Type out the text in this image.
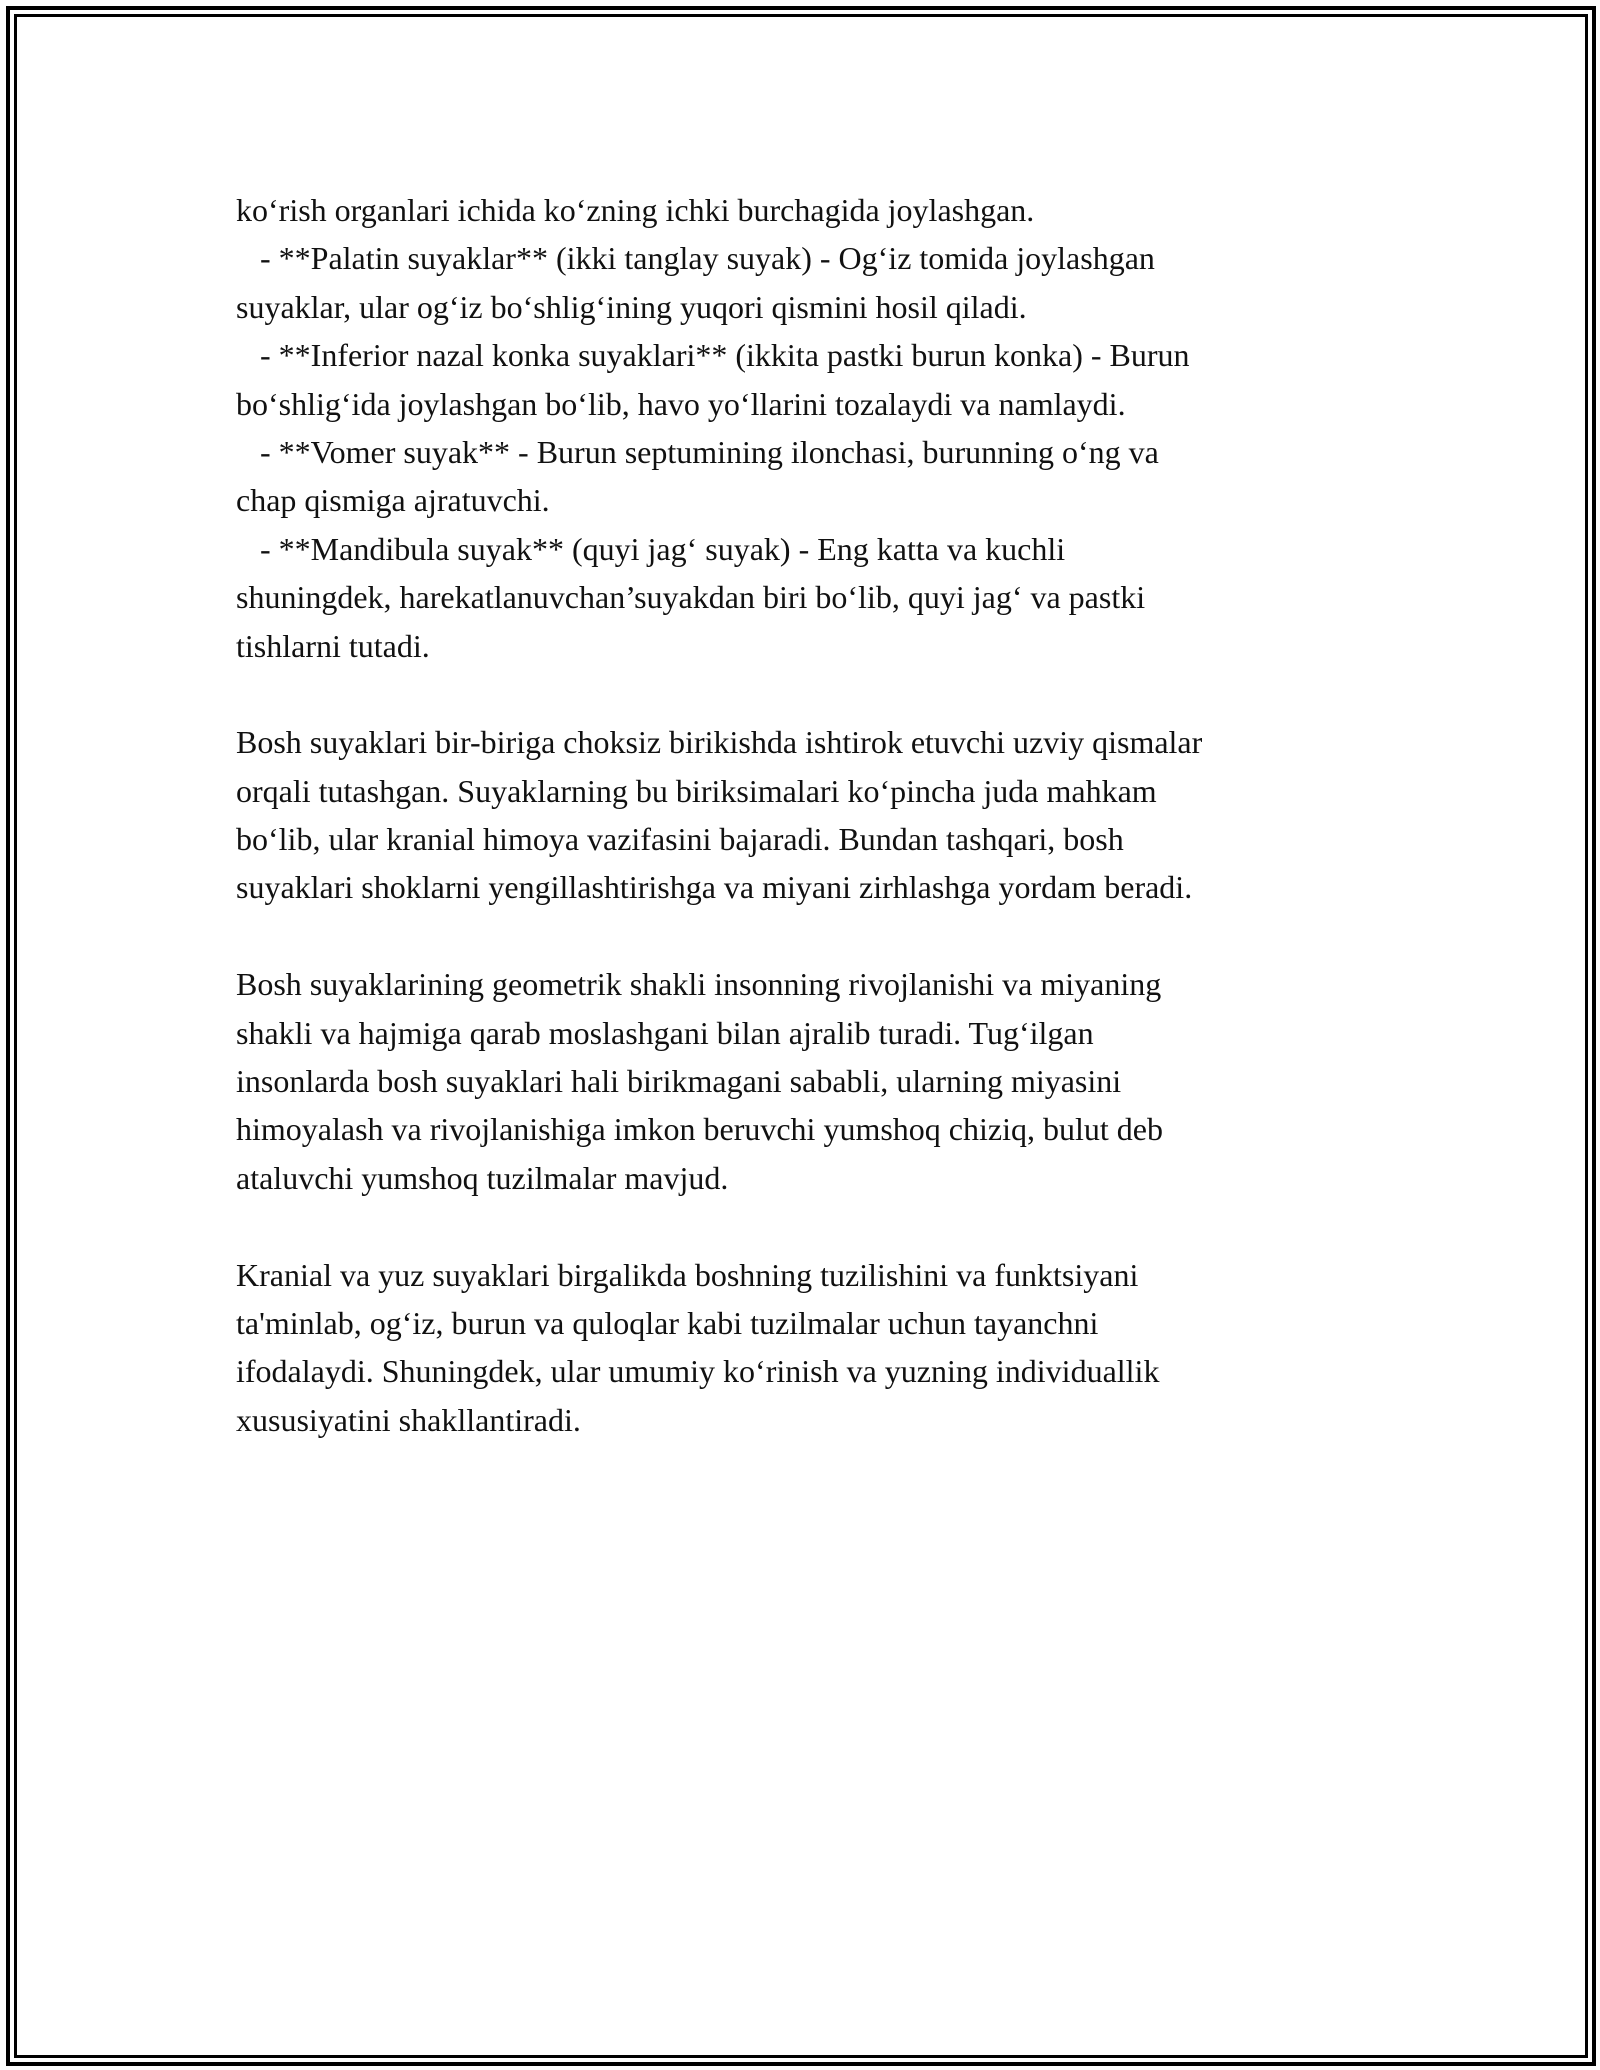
ko‘rish organlari ichida ko‘zning ichki burchagida joylashgan.
- **Palatin suyaklar** (ikki tanglay suyak) - Og‘iz tomida joylashgan
suyaklar, ular og‘iz bo‘shlig‘ining yuqori qismini hosil qiladi.
- **Inferior nazal konka suyaklari** (ikkita pastki burun konka) - Burun
bo‘shlig‘ida joylashgan bo‘lib, havo yo‘llarini tozalaydi va namlaydi.
- **Vomer suyak** - Burun septumining ilonchasi, burunning o‘ng va
chap qismiga ajratuvchi.
- **Mandibula suyak** (quyi jag‘ suyak) - Eng katta va kuchli
shuningdek, harekatlanuvchan’suyakdan biri bo‘lib, quyi jag‘ va pastki
tishlarni tutadi.
Bosh suyaklari bir-biriga choksiz birikishda ishtirok etuvchi uzviy qismalar
orqali tutashgan. Suyaklarning bu biriksimalari ko‘pincha juda mahkam
bo‘lib, ular kranial himoya vazifasini bajaradi. Bundan tashqari, bosh
suyaklari shoklarni yengillashtirishga va miyani zirhlashga yordam beradi.
Bosh suyaklarining geometrik shakli insonning rivojlanishi va miyaning
shakli va hajmiga qarab moslashgani bilan ajralib turadi. Tug‘ilgan
insonlarda bosh suyaklari hali birikmagani sababli, ularning miyasini
himoyalash va rivojlanishiga imkon beruvchi yumshoq chiziq, bulut deb
ataluvchi yumshoq tuzilmalar mavjud.
Kranial va yuz suyaklari birgalikda boshning tuzilishini va funktsiyani
ta'minlab, og‘iz, burun va quloqlar kabi tuzilmalar uchun tayanchni
ifodalaydi. Shuningdek, ular umumiy ko‘rinish va yuzning individuallik
xususiyatini shakllantiradi.
